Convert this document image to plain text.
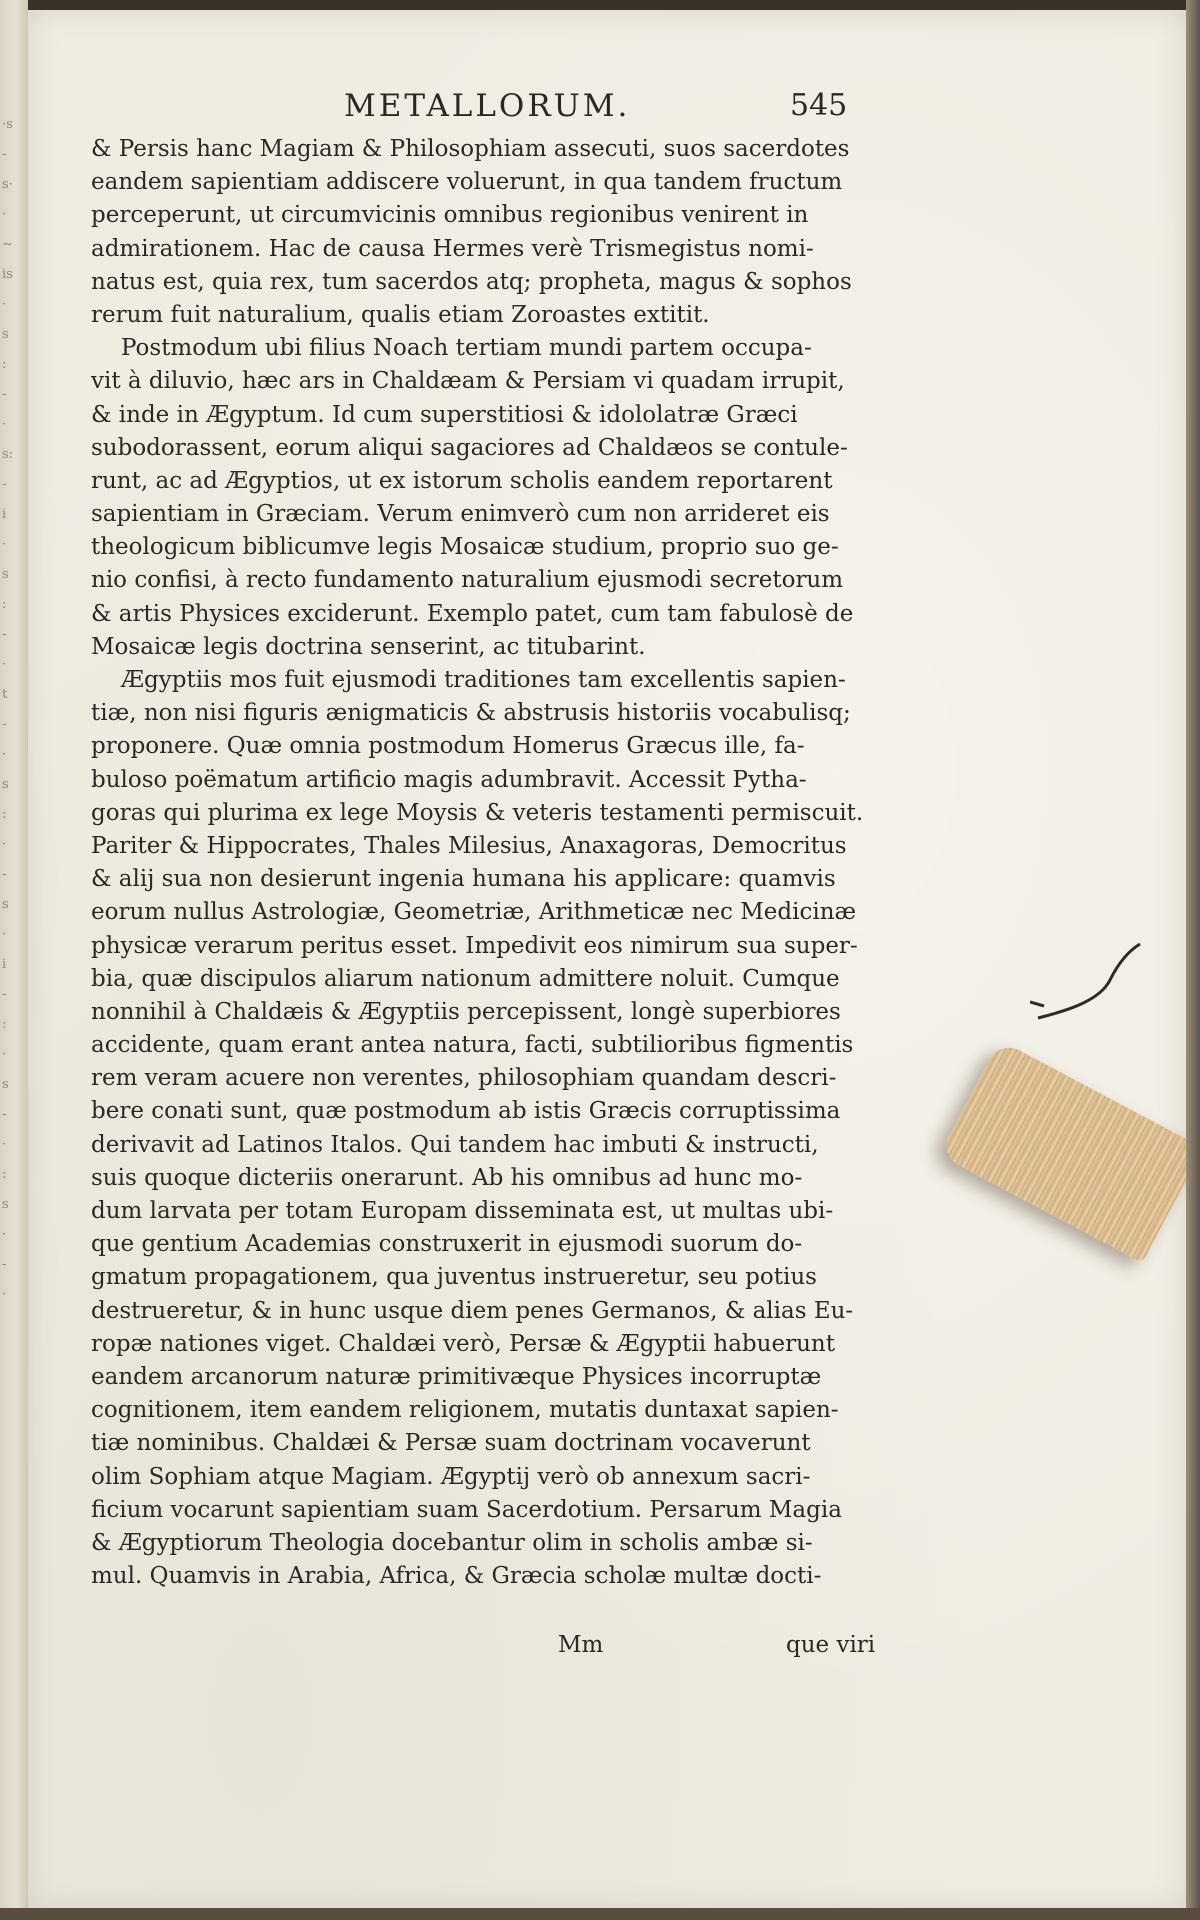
·s
‑
s·
·
~
is
·
s
:
‑
·
s:
‑
i
·
s
:
‑
·
t
‑
·
s
:
·
‑
s
·
i
‑
:
·
s
‑
·
:
s
·
‑
·
METALLORUM.	545
& Persis hanc Magiam & Philosophiam assecuti, suos sacerdotes
eandem sapientiam addiscere voluerunt, in qua tandem fructum
perceperunt, ut circumvicinis omnibus regionibus venirent in
admirationem. Hac de causa Hermes verè Trismegistus nomi-
natus est, quia rex, tum sacerdos atq; propheta, magus & sophos
rerum fuit naturalium, qualis etiam Zoroastes extitit.
Postmodum ubi filius Noach tertiam mundi partem occupa-
vit à diluvio, hæc ars in Chaldæam & Persiam vi quadam irrupit,
& inde in Ægyptum. Id cum superstitiosi & idololatræ Græci
subodorassent, eorum aliqui sagaciores ad Chaldæos se contule-
runt, ac ad Ægyptios, ut ex istorum scholis eandem reportarent
sapientiam in Græciam. Verum enimverò cum non arrideret eis
theologicum biblicumve legis Mosaicæ studium, proprio suo ge-
nio confisi, à recto fundamento naturalium ejusmodi secretorum
& artis Physices exciderunt. Exemplo patet, cum tam fabulosè de
Mosaicæ legis doctrina senserint, ac titubarint.
Ægyptiis mos fuit ejusmodi traditiones tam excellentis sapien-
tiæ, non nisi figuris ænigmaticis & abstrusis historiis vocabulisq;
proponere. Quæ omnia postmodum Homerus Græcus ille, fa-
buloso poëmatum artificio magis adumbravit. Accessit Pytha-
goras qui plurima ex lege Moysis & veteris testamenti permiscuit.
Pariter & Hippocrates, Thales Milesius, Anaxagoras, Democritus
& alij sua non desierunt ingenia humana his applicare: quamvis
eorum nullus Astrologiæ, Geometriæ, Arithmeticæ nec Medicinæ
physicæ verarum peritus esset. Impedivit eos nimirum sua super-
bia, quæ discipulos aliarum nationum admittere noluit. Cumque
nonnihil à Chaldæis & Ægyptiis percepissent, longè superbiores
accidente, quam erant antea natura, facti, subtilioribus figmentis
rem veram acuere non verentes, philosophiam quandam descri-
bere conati sunt, quæ postmodum ab istis Græcis corruptissima
derivavit ad Latinos Italos. Qui tandem hac imbuti & instructi,
suis quoque dicteriis onerarunt. Ab his omnibus ad hunc mo-
dum larvata per totam Europam disseminata est, ut multas ubi-
que gentium Academias construxerit in ejusmodi suorum do-
gmatum propagationem, qua juventus instrueretur, seu potius
destrueretur, & in hunc usque diem penes Germanos, & alias Eu-
ropæ nationes viget. Chaldæi verò, Persæ & Ægyptii habuerunt
eandem arcanorum naturæ primitivæque Physices incorruptæ
cognitionem, item eandem religionem, mutatis duntaxat sapien-
tiæ nominibus. Chaldæi & Persæ suam doctrinam vocaverunt
olim Sophiam atque Magiam. Ægyptij verò ob annexum sacri-
ficium vocarunt sapientiam suam Sacerdotium. Persarum Magia
& Ægyptiorum Theologia docebantur olim in scholis ambæ si-
mul. Quamvis in Arabia, Africa, & Græcia scholæ multæ docti-
Mm	que viri
